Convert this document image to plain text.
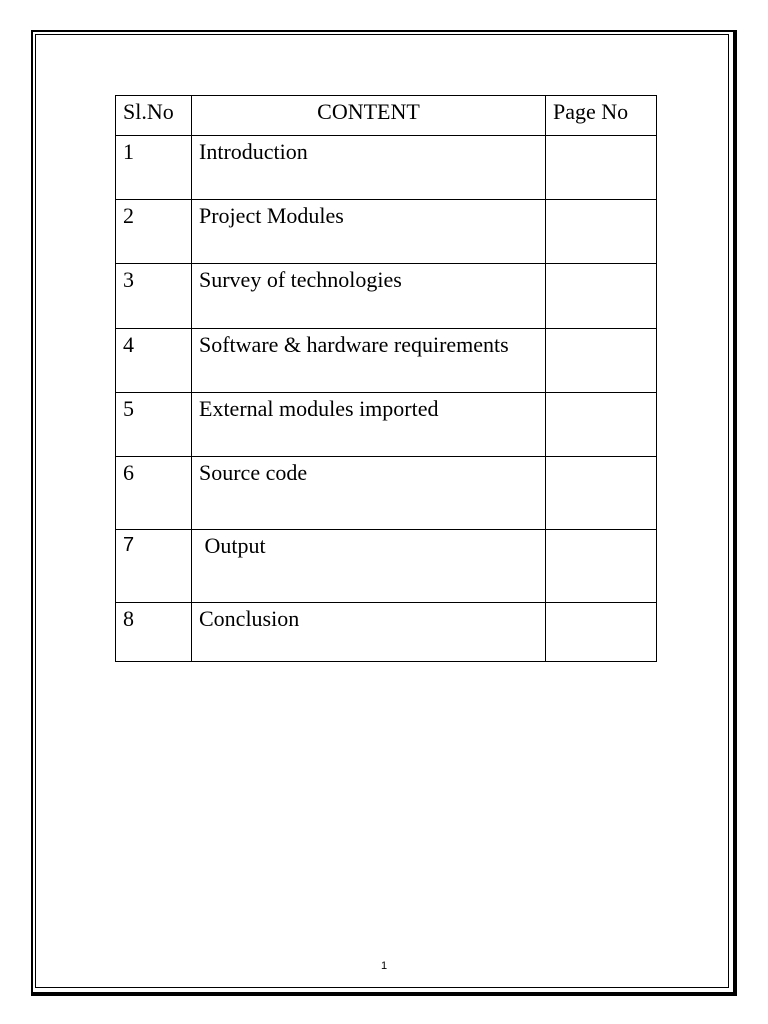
Sl.No	CONTENT	Page No
1	Introduction	
2	Project Modules	
3	Survey of technologies	
4	Software & hardware requirements	
5	External modules imported	
6	Source code	
7	Output	
8	Conclusion	
1
